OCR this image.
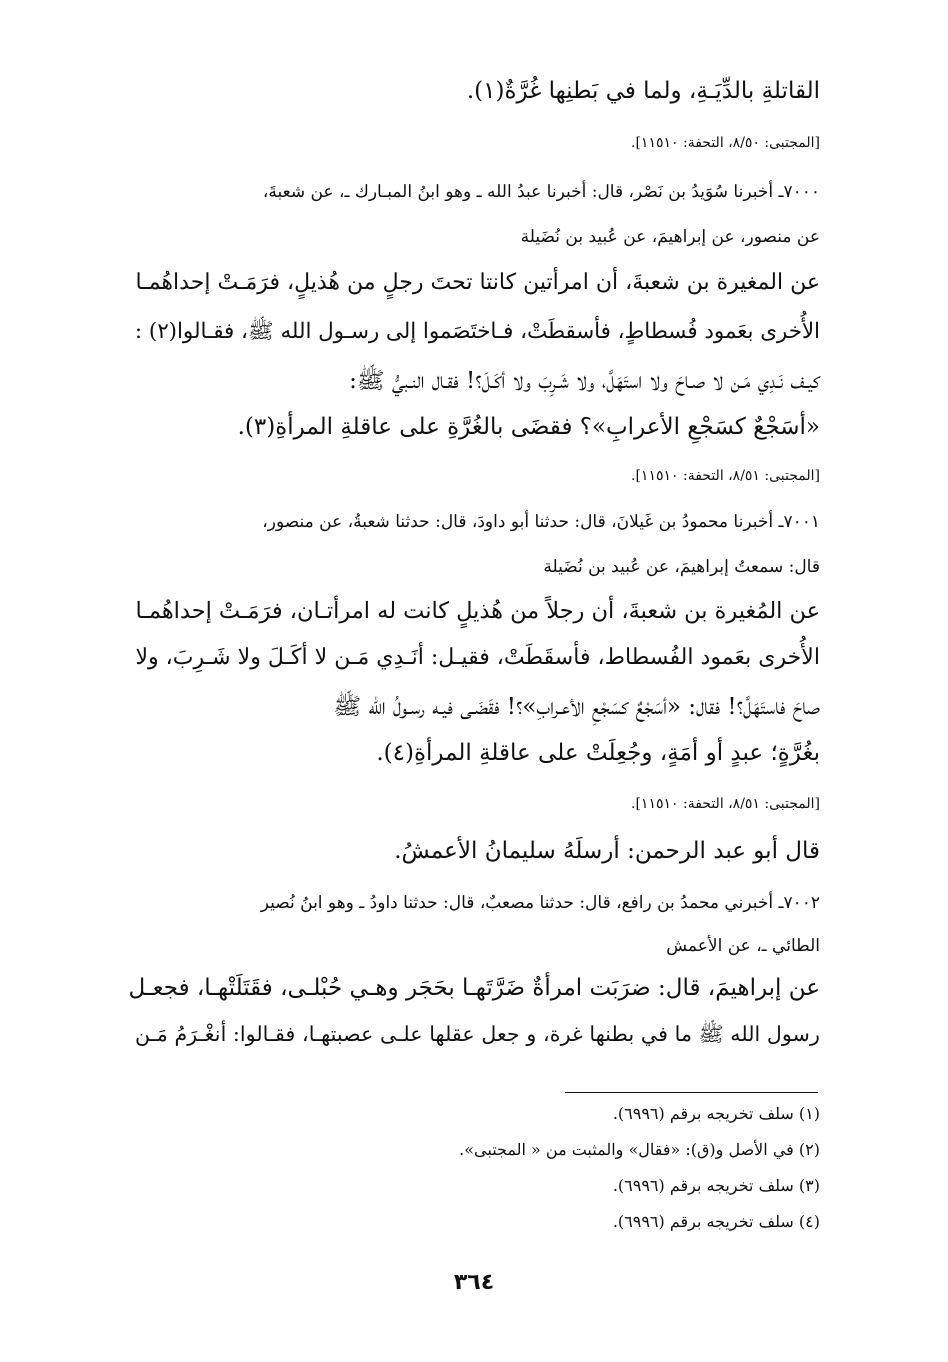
القاتلةِ بالدِّيَـةِ، ولما في بَطنِها غُرَّةٌ(١).
[المجتبى: ٨/٥٠، التحفة: ١١٥١٠].
٧٠٠٠ـ أخبرنا سُوَيدُ بن نَصْر، قال: أخبرنا عبدُ الله ـ وهو ابنُ المبـارك ـ، عن شعبةَ،
عن منصور، عن إبراهيمَ، عن عُبيد بن نُضَيلة
عن المغيرة بن شعبةَ، أن امرأتين كانتا تحتَ رجلٍ من هُذيلٍ، فرَمَـتْ إحداهُمـا
الأُخرى بعَمود فُسطاطٍ، فأسقطَتْ، فـاختَصَموا إلى رسـول الله ﷺ، فقـالوا(٢) :
كيـف نَـدِي مَـن لا صـاحَ ولا استَهَلَّ، ولا شَـرِبَ ولا أكَـلَ؟! فقـال النـبيُّ ﷺ:
«أسَجْعٌ كسَجْعِ الأعرابِ»؟ فقضَى بالغُرَّةِ على عاقلةِ المرأةِ(٣).
[المجتبى: ٨/٥١، التحفة: ١١٥١٠].
٧٠٠١ـ أخبرنا محمودُ بن غَيلانَ، قال: حدثنا أبو داودَ، قال: حدثنا شعبةُ، عن منصور،
قال: سمعتُ إبراهيمَ، عن عُبيد بن نُضَيلة
عن المُغيرة بن شعبةَ، أن رجلاً من هُذيلٍ كانت له امرأتـان، فرَمَـتْ إحداهُمـا
الأُخرى بعَمود الفُسطاط، فأسقَطَتْ، فقيـل: أنَـدِي مَـن لا أكَـلَ ولا شَـرِبَ، ولا
صاحَ فاستَهَلَّ؟! فقال: «أسَجْعٌ كسَجْعِ الأعـرابِ»؟! فقَضَـى فيـه رسـولُ الله ﷺ
بغُرَّةٍ؛ عبدٍ أو أمَةٍ، وجُعِلَتْ على عاقلةِ المرأةِ(٤).
[المجتبى: ٨/٥١، التحفة: ١١٥١٠].
قال أبو عبد الرحمن: أرسلَهُ سليمانُ الأعمشُ.
٧٠٠٢ـ أخبرني محمدُ بن رافع، قال: حدثنا مصعبٌ، قال: حدثنا داودُ ـ وهو ابنُ نُصير
الطائي ـ، عن الأعمش
عن إبراهيمَ، قال: ضرَبَت امرأةٌ ضَرَّتَهـا بحَجَر وهـي حُبْلـى، فقَتَلَتْهـا، فجعـل
رسول الله ﷺ ما في بطنها غرة، و جعل عقلها علـى عصبتهـا، فقـالوا: أنغْـرَمُ مَـن
(١) سلف تخريجه برقم (٦٩٩٦).
(٢) في الأصل و(ق): «فقال» والمثبت من « المجتبى».
(٣) سلف تخريجه برقم (٦٩٩٦).
(٤) سلف تخريجه برقم (٦٩٩٦).
٣٦٤
